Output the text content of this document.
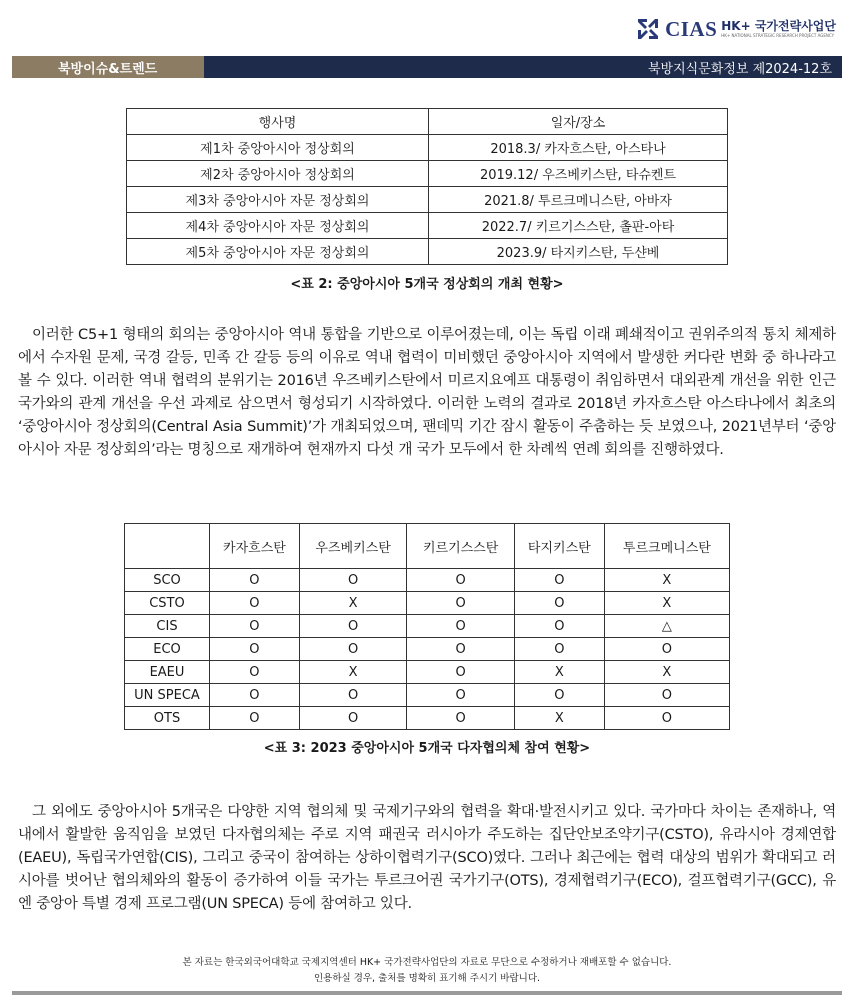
CIAS HK+ 국가전략사업단
HK+ NATIONAL STRATEGIC RESEARCH PROJECT AGENCY
북방이슈&트렌드	북방지식문화정보 제2024-12호
행사명	일자/장소
제1차 중앙아시아 정상회의	2018.3/ 카자흐스탄, 아스타나
제2차 중앙아시아 정상회의	2019.12/ 우즈베키스탄, 타슈켄트
제3차 중앙아시아 자문 정상회의	2021.8/ 투르크메니스탄, 아바자
제4차 중앙아시아 자문 정상회의	2022.7/ 키르기스스탄, 촐판-아타
제5차 중앙아시아 자문 정상회의	2023.9/ 타지키스탄, 두샨베
<표 2: 중앙아시아 5개국 정상회의 개최 현황>

이러한 C5+1 형태의 회의는 중앙아시아 역내 통합을 기반으로 이루어졌는데, 이는 독립 이래 폐쇄적이고 권위주의적 통치 체제하에서 수자원 문제, 국경 갈등, 민족 간 갈등 등의 이유로 역내 협력이 미비했던 중앙아시아 지역에서 발생한 커다란 변화 중 하나라고 볼 수 있다. 이러한 역내 협력의 분위기는 2016년 우즈베키스탄에서 미르지요예프 대통령이 취임하면서 대외관계 개선을 위한 인근 국가와의 관계 개선을 우선 과제로 삼으면서 형성되기 시작하였다. 이러한 노력의 결과로 2018년 카자흐스탄 아스타나에서 최초의 ‘중앙아시아 정상회의(Central Asia Summit)’가 개최되었으며, 팬데믹 기간 잠시 활동이 주춤하는 듯 보였으나, 2021년부터 ‘중앙아시아 자문 정상회의’라는 명칭으로 재개하여 현재까지 다섯 개 국가 모두에서 한 차례씩 연례 회의를 진행하였다.

	카자흐스탄	우즈베키스탄	키르기스스탄	타지키스탄	투르크메니스탄
SCO	O	O	O	O	X
CSTO	O	X	O	O	X
CIS	O	O	O	O	△
ECO	O	O	O	O	O
EAEU	O	X	O	X	X
UN SPECA	O	O	O	O	O
OTS	O	O	O	X	O
<표 3: 2023 중앙아시아 5개국 다자협의체 참여 현황>

그 외에도 중앙아시아 5개국은 다양한 지역 협의체 및 국제기구와의 협력을 확대·발전시키고 있다. 국가마다 차이는 존재하나, 역내에서 활발한 움직임을 보였던 다자협의체는 주로 지역 패권국 러시아가 주도하는 집단안보조약기구(CSTO), 유라시아 경제연합(EAEU), 독립국가연합(CIS), 그리고 중국이 참여하는 상하이협력기구(SCO)였다. 그러나 최근에는 협력 대상의 범위가 확대되고 러시아를 벗어난 협의체와의 활동이 증가하여 이들 국가는 투르크어권 국가기구(OTS), 경제협력기구(ECO), 걸프협력기구(GCC), 유엔 중앙아 특별 경제 프로그램(UN SPECA) 등에 참여하고 있다.

본 자료는 한국외국어대학교 국제지역센터 HK+ 국가전략사업단의 자료로 무단으로 수정하거나 재배포할 수 없습니다.
인용하실 경우, 출처를 명확히 표기해 주시기 바랍니다.
